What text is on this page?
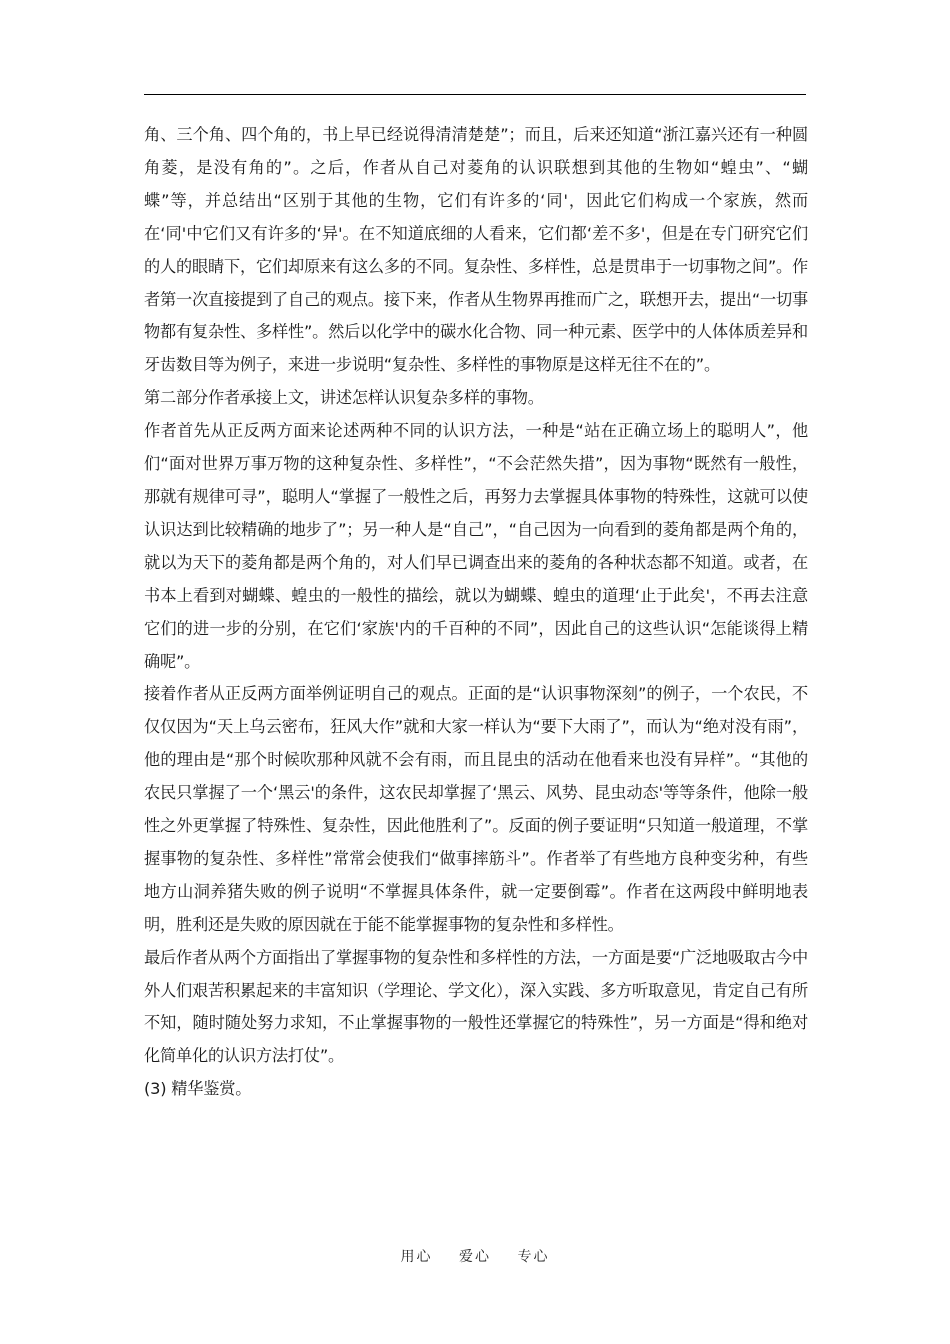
角、三个角、四个角的，书上早已经说得清清楚楚”；而且，后来还知道“浙江嘉兴还有一种圆角菱，是没有角的”。之后，作者从自己对菱角的认识联想到其他的生物如“蝗虫”、“蝴蝶”等，并总结出“区别于其他的生物，它们有许多的‘同'，因此它们构成一个家族，然而在‘同'中它们又有许多的‘异'。在不知道底细的人看来，它们都‘差不多'，但是在专门研究它们的人的眼睛下，它们却原来有这么多的不同。复杂性、多样性，总是贯串于一切事物之间”。作者第一次直接提到了自己的观点。接下来，作者从生物界再推而广之，联想开去，提出“一切事物都有复杂性、多样性”。然后以化学中的碳水化合物、同一种元素、医学中的人体体质差异和牙齿数目等为例子，来进一步说明“复杂性、多样性的事物原是这样无往不在的”。

第二部分作者承接上文，讲述怎样认识复杂多样的事物。

作者首先从正反两方面来论述两种不同的认识方法，一种是“站在正确立场上的聪明人”，他们“面对世界万事万物的这种复杂性、多样性”，“不会茫然失措”，因为事物“既然有一般性，那就有规律可寻”，聪明人“掌握了一般性之后，再努力去掌握具体事物的特殊性，这就可以使认识达到比较精确的地步了”；另一种人是“自己”，“自己因为一向看到的菱角都是两个角的，就以为天下的菱角都是两个角的，对人们早已调查出来的菱角的各种状态都不知道。或者，在书本上看到对蝴蝶、蝗虫的一般性的描绘，就以为蝴蝶、蝗虫的道理‘止于此矣'，不再去注意它们的进一步的分别，在它们‘家族'内的千百种的不同”，因此自己的这些认识“怎能谈得上精确呢”。

接着作者从正反两方面举例证明自己的观点。正面的是“认识事物深刻”的例子，一个农民，不仅仅因为“天上乌云密布，狂风大作”就和大家一样认为“要下大雨了”，而认为“绝对没有雨”，他的理由是“那个时候吹那种风就不会有雨，而且昆虫的活动在他看来也没有异样”。“其他的农民只掌握了一个‘黑云'的条件，这农民却掌握了‘黑云、风势、昆虫动态'等等条件，他除一般性之外更掌握了特殊性、复杂性，因此他胜利了”。反面的例子要证明“只知道一般道理，不掌握事物的复杂性、多样性”常常会使我们“做事摔筋斗”。作者举了有些地方良种变劣种，有些地方山洞养猪失败的例子说明“不掌握具体条件，就一定要倒霉”。作者在这两段中鲜明地表明，胜利还是失败的原因就在于能不能掌握事物的复杂性和多样性。

最后作者从两个方面指出了掌握事物的复杂性和多样性的方法，一方面是要“广泛地吸取古今中外人们艰苦积累起来的丰富知识（学理论、学文化），深入实践、多方听取意见，肯定自己有所不知，随时随处努力求知，不止掌握事物的一般性还掌握它的特殊性”，另一方面是“得和绝对化简单化的认识方法打仗”。

(3) 精华鉴赏。

用心 爱心 专心
